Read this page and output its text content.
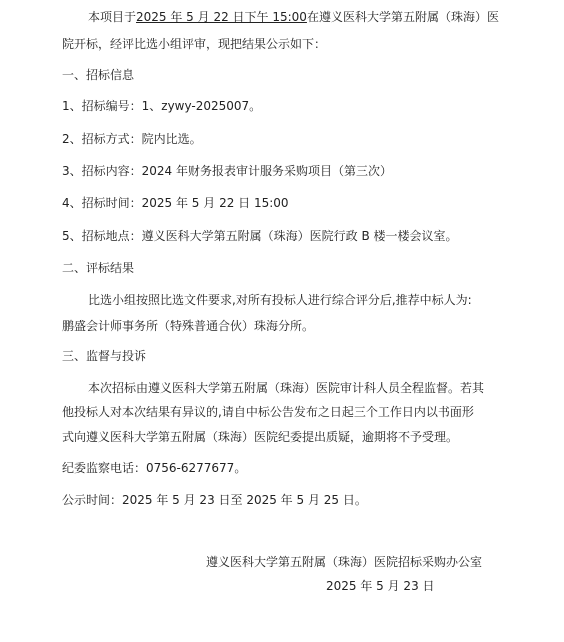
本项目于2025 年 5 月 22 日下午 15:00在遵义医科大学第五附属（珠海）医
院开标，经评比选小组评审，现把结果公示如下：
一、招标信息
1、招标编号：1、zywy-2025007。
2、招标方式：院内比选。
3、招标内容：2024 年财务报表审计服务采购项目（第三次）
4、招标时间：2025 年 5 月 22 日 15:00
5、招标地点：遵义医科大学第五附属（珠海）医院行政 B 楼一楼会议室。
二、评标结果
比选小组按照比选文件要求,对所有投标人进行综合评分后,推荐中标人为:
鹏盛会计师事务所（特殊普通合伙）珠海分所。
三、监督与投诉
本次招标由遵义医科大学第五附属（珠海）医院审计科人员全程监督。若其
他投标人对本次结果有异议的,请自中标公告发布之日起三个工作日内以书面形
式向遵义医科大学第五附属（珠海）医院纪委提出质疑，逾期将不予受理。
纪委监察电话：0756-6277677。
公示时间：2025 年 5 月 23 日至 2025 年 5 月 25 日。
遵义医科大学第五附属（珠海）医院招标采购办公室
2025 年 5 月 23 日
